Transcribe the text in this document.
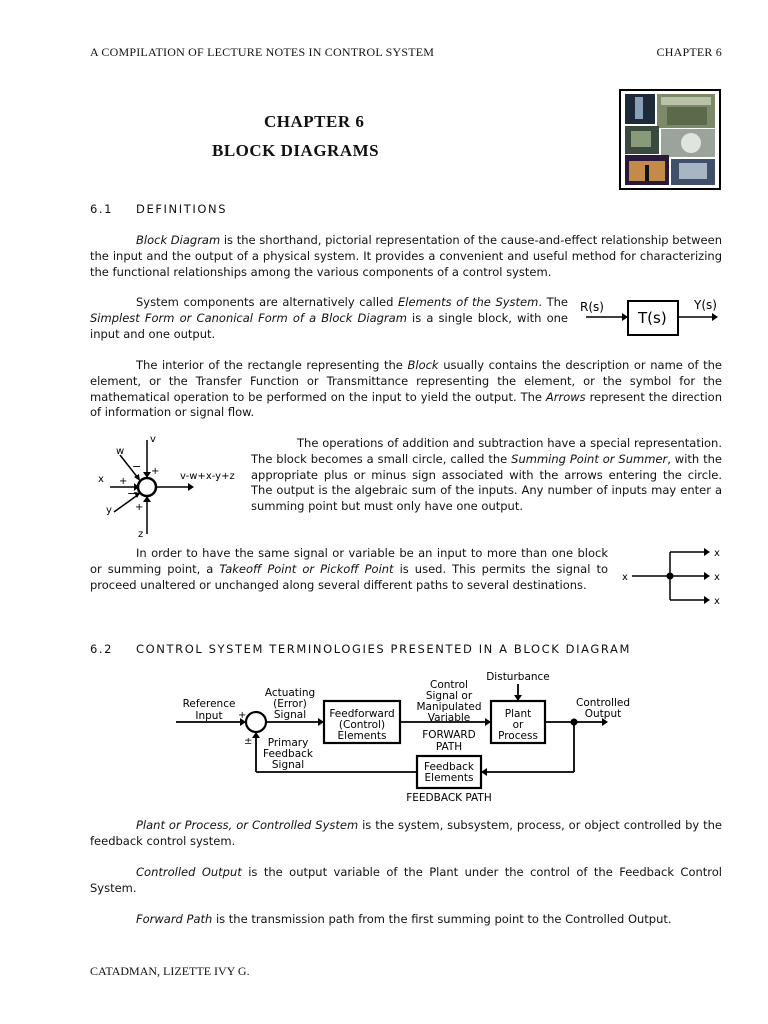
A COMPILATION OF LECTURE NOTES IN CONTROL SYSTEM	CHAPTER 6
CHAPTER 6
BLOCK DIAGRAMS
6.1 DEFINITIONS
Block Diagram is the shorthand, pictorial representation of the cause-and-effect relationship between the input and the output of a physical system. It provides a convenient and useful method for characterizing the functional relationships among the various components of a control system.
System components are alternatively called Elements of the System. The Simplest Form or Canonical Form of a Block Diagram is a single block, with one input and one output.
R(s)	Y(s)
T(s)
The interior of the rectangle representing the Block usually contains the description or name of the element, or the Transfer Function or Transmittance representing the element, or the symbol for the mathematical operation to be performed on the input to yield the output. The Arrows represent the direction of information or signal flow.
v
+
w
−
x +
y
−
z
+
v-w+x-y+z
The operations of addition and subtraction have a special representation. The block becomes a small circle, called the Summing Point or Summer, with the appropriate plus or minus sign associated with the arrows entering the circle. The output is the algebraic sum of the inputs. Any number of inputs may enter a summing point but must only have one output.
In order to have the same signal or variable be an input to more than one block or summing point, a Takeoff Point or Pickoff Point is used. This permits the signal to proceed unaltered or unchanged along several different paths to several destinations.
x
x
x
x
6.2 CONTROL SYSTEM TERMINOLOGIES PRESENTED IN A BLOCK DIAGRAM
Reference
Input
Actuating
(Error)
Signal
Control
Signal or
Manipulated
Variable
Disturbance
Controlled
Output
FORWARD
PATH
Primary
Feedback
Signal
FEEDBACK PATH
+
±
Feedforward
(Control)
Elements
Plant
or
Process
Feedback
Elements
Plant or Process, or Controlled System is the system, subsystem, process, or object controlled by the feedback control system.
Controlled Output is the output variable of the Plant under the control of the Feedback Control System.
Forward Path is the transmission path from the first summing point to the Controlled Output.
CATADMAN, LIZETTE IVY G.
